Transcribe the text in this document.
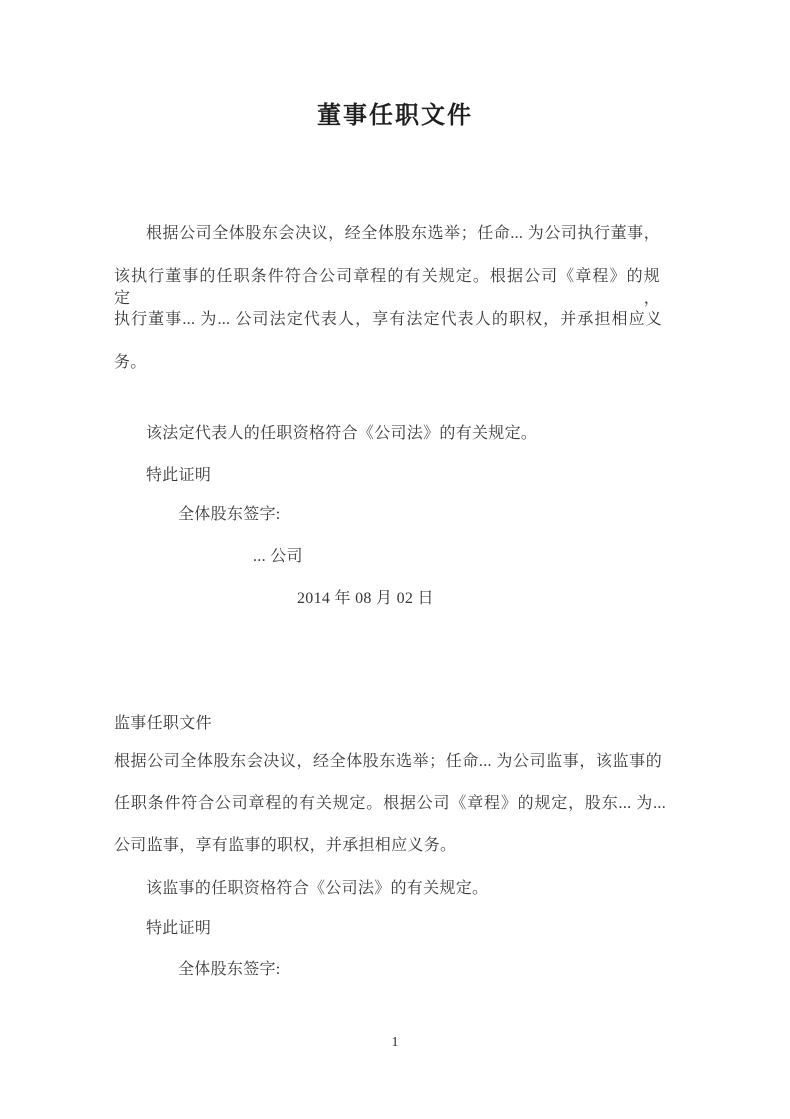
董事任职文件
根据公司全体股东会决议，经全体股东选举；任命... 为公司执行董事，
该执行董事的任职条件符合公司章程的有关规定。根据公司《章程》的规定，
执行董事... 为... 公司法定代表人，享有法定代表人的职权，并承担相应义
务。
该法定代表人的任职资格符合《公司法》的有关规定。
特此证明
全体股东签字:
... 公司
2014 年 08 月 02 日
监事任职文件
根据公司全体股东会决议，经全体股东选举；任命... 为公司监事，该监事的
任职条件符合公司章程的有关规定。根据公司《章程》的规定，股东... 为...
公司监事，享有监事的职权，并承担相应义务。
该监事的任职资格符合《公司法》的有关规定。
特此证明
全体股东签字:
1
